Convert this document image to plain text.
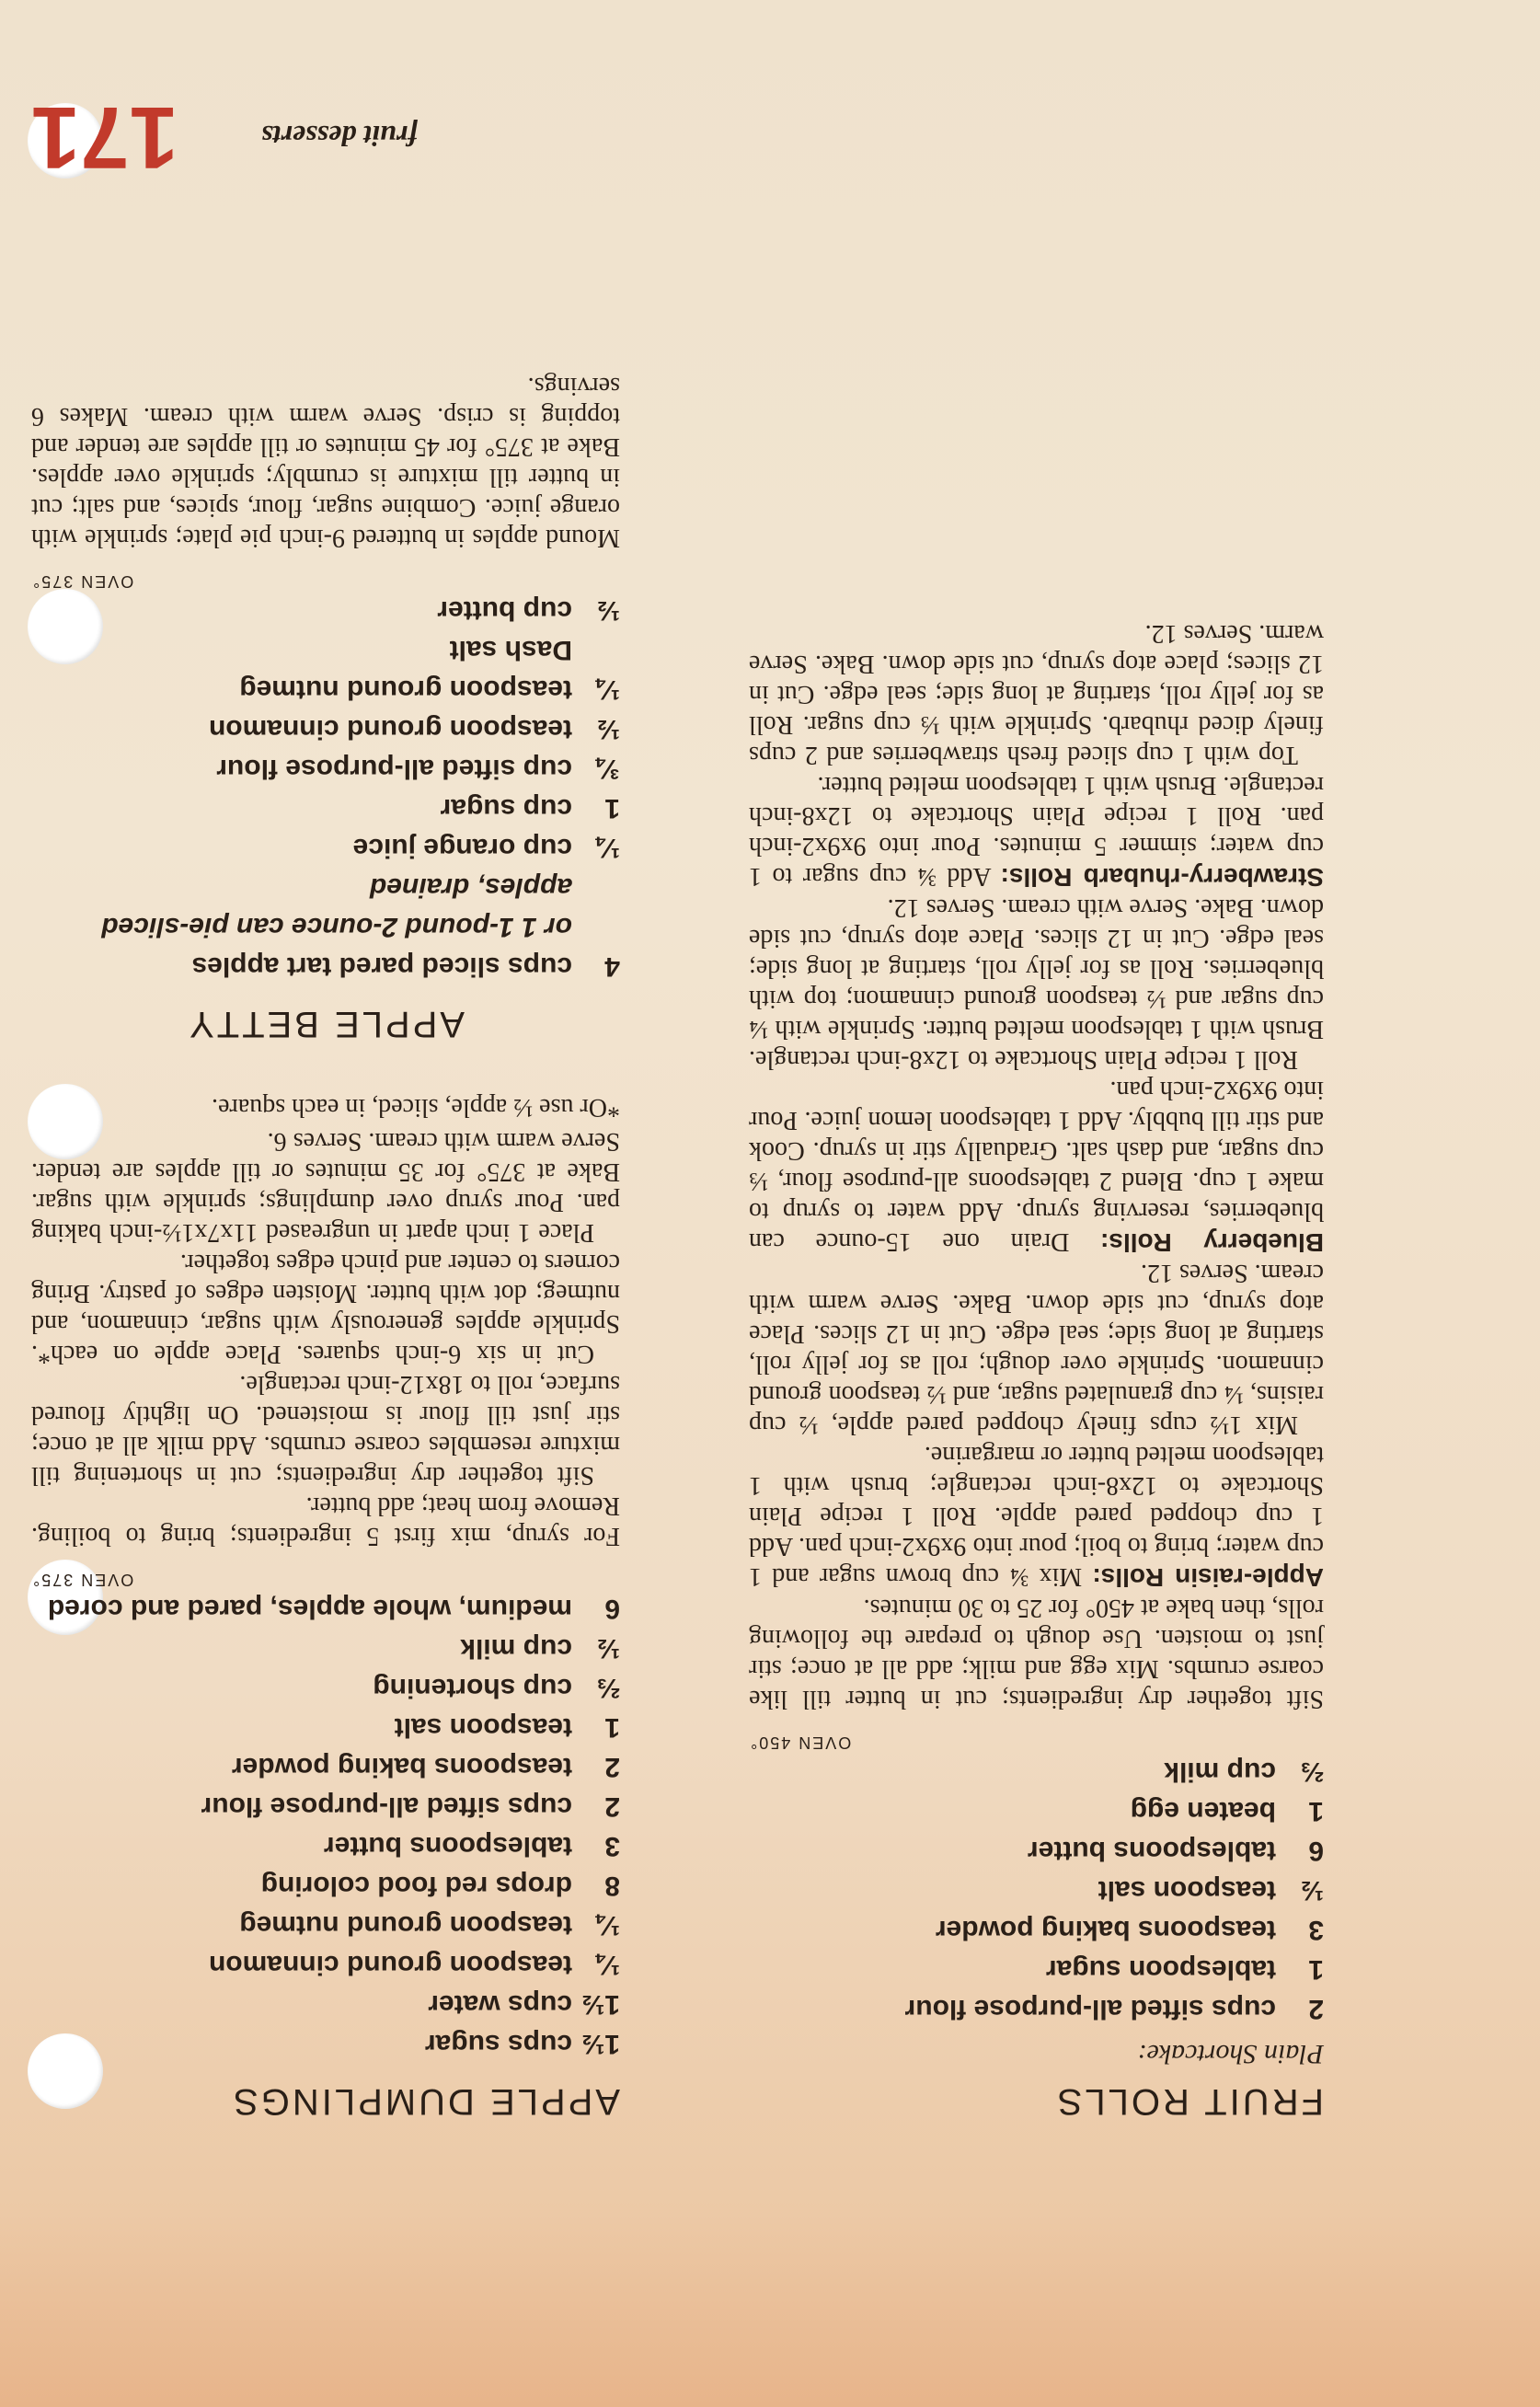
FRUIT ROLLS
Plain Shortcake:
2
cups sifted all-purpose flour
1
tablespoon sugar
3
teaspoons baking powder
½
teaspoon salt
6
tablespoons butter
1
beaten egg
⅔
cup milk
OVEN 450°

Sift together dry ingredients; cut in butter till like coarse crumbs. Mix egg and milk; add all at once; stir just to moisten. Use dough to prepare the following rolls, then bake at 450° for 25 to 30 minutes.

Apple-raisin Rolls: Mix ¾ cup brown sugar and 1 cup water; bring to boil; pour into 9x9x2-inch pan. Add 1 cup chopped pared apple. Roll 1 recipe Plain Shortcake to 12x8-inch rectangle; brush with 1 tablespoon melted butter or margarine.

Mix 1½ cups finely chopped pared apple, ½ cup raisins, ¼ cup granulated sugar, and ½ teaspoon ground cinnamon. Sprinkle over dough; roll as for jelly roll, starting at long side; seal edge. Cut in 12 slices. Place atop syrup, cut side down. Bake. Serve warm with cream. Serves 12.

Blueberry Rolls: Drain one 15-ounce can blueberries, reserving syrup. Add water to syrup to make 1 cup. Blend 2 tablespoons all-purpose flour, ⅓ cup sugar, and dash salt. Gradually stir in syrup. Cook and stir till bubbly. Add 1 tablespoon lemon juice. Pour into 9x9x2-inch pan.

Roll 1 recipe Plain Shortcake to 12x8-inch rectangle. Brush with 1 tablespoon melted butter. Sprinkle with ¼ cup sugar and ½ teaspoon ground cinnamon; top with blueberries. Roll as for jelly roll, starting at long side; seal edge. Cut in 12 slices. Place atop syrup, cut side down. Bake. Serve with cream. Serves 12.

Strawberry-rhubarb Rolls: Add ¾ cup sugar to 1 cup water; simmer 5 minutes. Pour into 9x9x2-inch pan. Roll 1 recipe Plain Shortcake to 12x8-inch rectangle. Brush with 1 tablespoon melted butter.

Top with 1 cup sliced fresh strawberries and 2 cups finely diced rhubarb. Sprinkle with ⅓ cup sugar. Roll as for jelly roll, starting at long side; seal edge. Cut in 12 slices; place atop syrup, cut side down. Bake. Serve warm. Serves 12.

APPLE DUMPLINGS
1½
cups sugar
1½
cups water
¼
teaspoon ground cinnamon
¼
teaspoon ground nutmeg
8
drops red food coloring
3
tablespoons butter
2
cups sifted all-purpose flour
2
teaspoons baking powder
1
teaspoon salt
⅔
cup shortening
½
cup milk
6
medium, whole apples, pared and cored
OVEN 375°

For syrup, mix first 5 ingredients; bring to boiling. Remove from heat; add butter.

Sift together dry ingredients; cut in shortening till mixture resembles coarse crumbs. Add milk all at once; stir just till flour is moistened. On lightly floured surface, roll to 18x12-inch rectangle.

Cut in six 6-inch squares. Place apple on each*. Sprinkle apples generously with sugar, cinnamon, and nutmeg; dot with butter. Moisten edges of pastry. Bring corners to center and pinch edges together.

Place 1 inch apart in ungreased 11x7x1½-inch baking pan. Pour syrup over dumplings; sprinkle with sugar. Bake at 375° for 35 minutes or till apples are tender. Serve warm with cream. Serves 6.

*Or use ½ apple, sliced, in each square.
APPLE BETTY
4
cups sliced pared tart apples
or 1 1-pound 2-ounce can pie-sliced apples, drained
¼
cup orange juice
1
cup sugar
¾
cup sifted all-purpose flour
½
teaspoon ground cinnamon
¼
teaspoon ground nutmeg
Dash salt
½
cup butter
OVEN 375°

Mound apples in buttered 9-inch pie plate; sprinkle with orange juice. Combine sugar, flour, spices, and salt; cut in butter till mixture is crumbly; sprinkle over apples. Bake at 375° for 45 minutes or till apples are tender and topping is crisp. Serve warm with cream. Makes 6 servings.

fruit desserts
171
